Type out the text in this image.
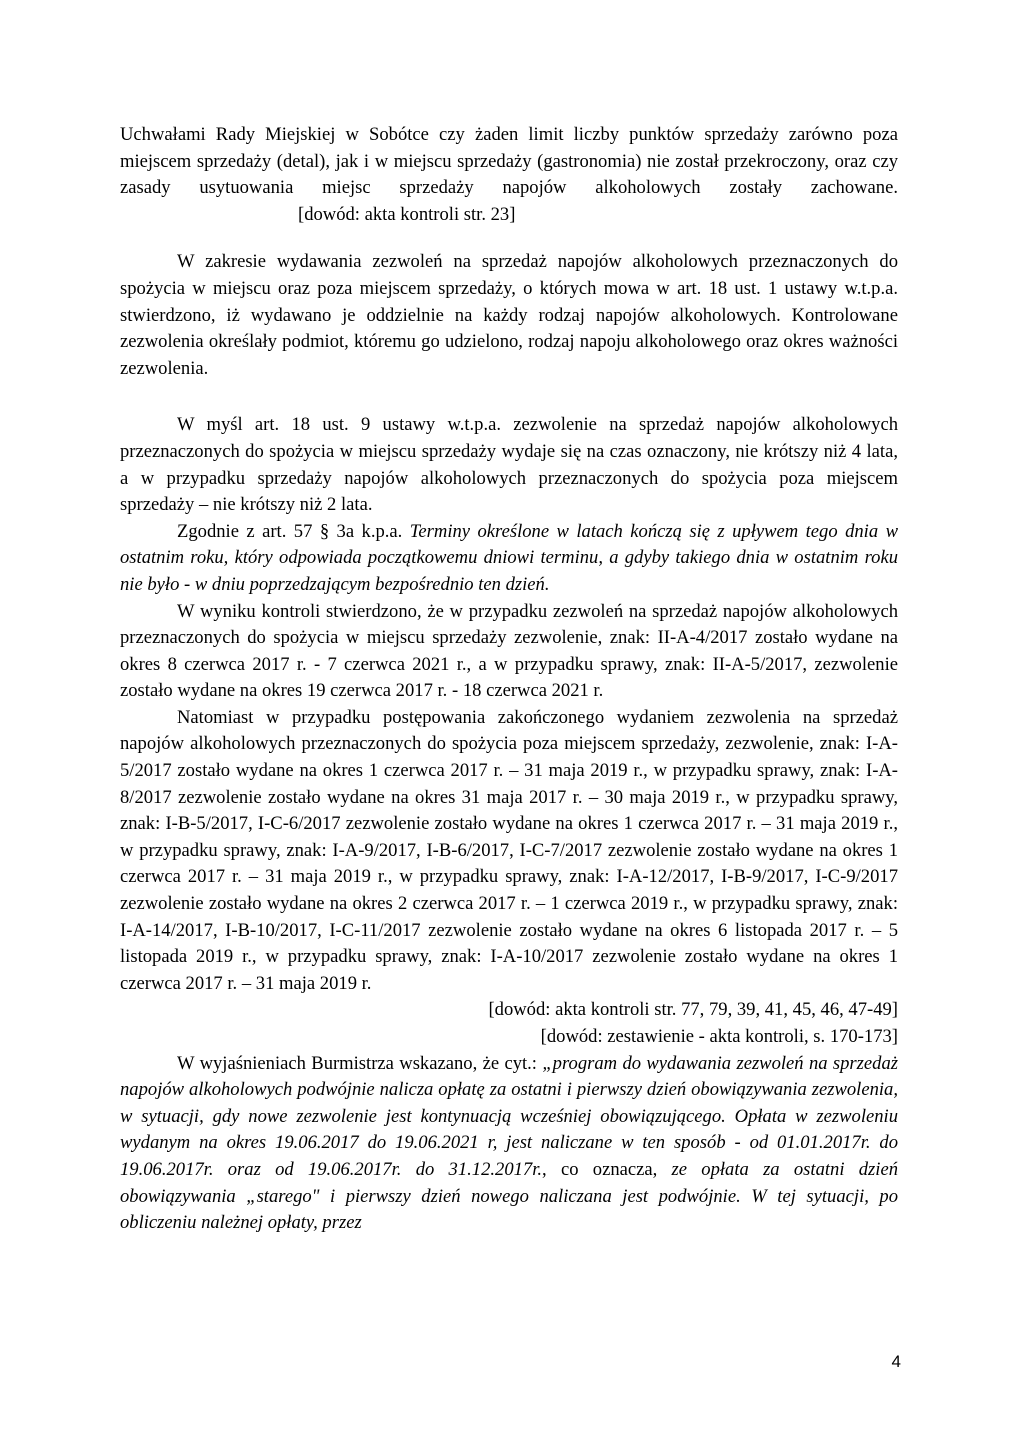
Uchwałami Rady Miejskiej w Sobótce czy żaden limit liczby punktów sprzedaży zarówno poza miejscem sprzedaży (detal), jak i w miejscu sprzedaży (gastronomia) nie został przekroczony, oraz czy zasady usytuowania miejsc sprzedaży napojów alkoholowych zostały zachowane. [dowód: akta kontroli str. 23]

W zakresie wydawania zezwoleń na sprzedaż napojów alkoholowych przeznaczonych do spożycia w miejscu oraz poza miejscem sprzedaży, o których mowa w art. 18 ust. 1 ustawy w.t.p.a. stwierdzono, iż wydawano je oddzielnie na każdy rodzaj napojów alkoholowych. Kontrolowane zezwolenia określały podmiot, któremu go udzielono, rodzaj napoju alkoholowego oraz okres ważności zezwolenia.

W myśl art. 18 ust. 9 ustawy w.t.p.a. zezwolenie na sprzedaż napojów alkoholowych przeznaczonych do spożycia w miejscu sprzedaży wydaje się na czas oznaczony, nie krótszy niż 4 lata, a w przypadku sprzedaży napojów alkoholowych przeznaczonych do spożycia poza miejscem sprzedaży – nie krótszy niż 2 lata.

Zgodnie z art. 57 § 3a k.p.a. Terminy określone w latach kończą się z upływem tego dnia w ostatnim roku, który odpowiada początkowemu dniowi terminu, a gdyby takiego dnia w ostatnim roku nie było - w dniu poprzedzającym bezpośrednio ten dzień.

W wyniku kontroli stwierdzono, że w przypadku zezwoleń na sprzedaż napojów alkoholowych przeznaczonych do spożycia w miejscu sprzedaży zezwolenie, znak: II-A-4/2017 zostało wydane na okres 8 czerwca 2017 r. - 7 czerwca 2021 r., a w przypadku sprawy, znak: II-A-5/2017, zezwolenie zostało wydane na okres 19 czerwca 2017 r. - 18 czerwca 2021 r.

Natomiast w przypadku postępowania zakończonego wydaniem zezwolenia na sprzedaż napojów alkoholowych przeznaczonych do spożycia poza miejscem sprzedaży, zezwolenie, znak: I-A-5/2017 zostało wydane na okres 1 czerwca 2017 r. – 31 maja 2019 r., w przypadku sprawy, znak: I-A-8/2017 zezwolenie zostało wydane na okres 31 maja 2017 r. – 30 maja 2019 r., w przypadku sprawy, znak: I-B-5/2017, I-C-6/2017 zezwolenie zostało wydane na okres 1 czerwca 2017 r. – 31 maja 2019 r., w przypadku sprawy, znak: I-A-9/2017, I-B-6/2017, I-C-7/2017 zezwolenie zostało wydane na okres 1 czerwca 2017 r. – 31 maja 2019 r., w przypadku sprawy, znak: I-A-12/2017, I-B-9/2017, I-C-9/2017 zezwolenie zostało wydane na okres 2 czerwca 2017 r. – 1 czerwca 2019 r., w przypadku sprawy, znak: I-A-14/2017, I-B-10/2017, I-C-11/2017 zezwolenie zostało wydane na okres 6 listopada 2017 r. – 5 listopada 2019 r., w przypadku sprawy, znak: I-A-10/2017 zezwolenie zostało wydane na okres 1 czerwca 2017 r. – 31 maja 2019 r.

[dowód: akta kontroli str. 77, 79, 39, 41, 45, 46, 47-49]

[dowód: zestawienie - akta kontroli, s. 170-173]

W wyjaśnieniach Burmistrza wskazano, że cyt.: „program do wydawania zezwoleń na sprzedaż napojów alkoholowych podwójnie nalicza opłatę za ostatni i pierwszy dzień obowiązywania zezwolenia, w sytuacji, gdy nowe zezwolenie jest kontynuacją wcześniej obowiązującego. Opłata w zezwoleniu wydanym na okres 19.06.2017 do 19.06.2021 r, jest naliczane w ten sposób - od 01.01.2017r. do 19.06.2017r. oraz od 19.06.2017r. do 31.12.2017r., co oznacza, ze opłata za ostatni dzień obowiązywania „starego" i pierwszy dzień nowego naliczana jest podwójnie. W tej sytuacji, po obliczeniu należnej opłaty, przez

4
